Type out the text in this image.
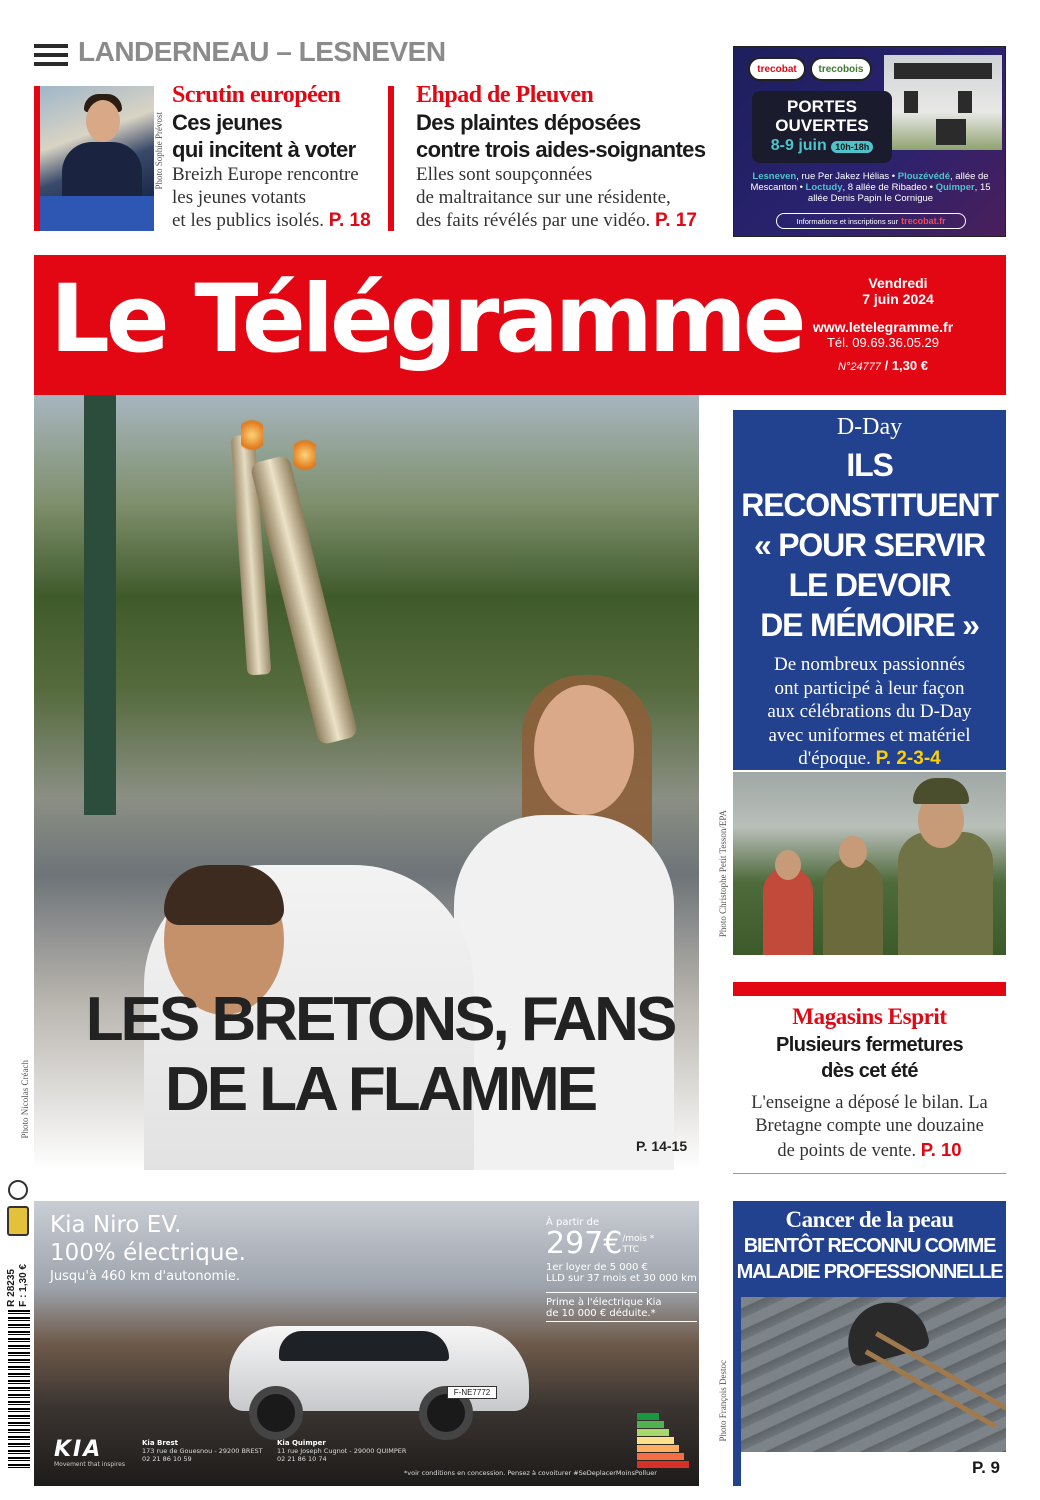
LANDERNEAU – LESNEVEN
Photo Sophie Prévost
Scrutin européen
Ces jeunes
qui incitent à voter
Breizh Europe rencontre
les jeunes votants
et les publics isolés. P. 18
Ehpad de Pleuven
Des plaintes déposées
contre trois aides-soignantes
Elles sont soupçonnées
de maltraitance sur une résidente,
des faits révélés par une vidéo. P. 17
trecobat	trecobois
PORTES
OUVERTES
8-9 juin 10h-18h
Lesneven, rue Per Jakez Hélias • Plouzévédé, allée de Mescanton • Loctudy, 8 allée de Ribadeo • Quimper, 15 allée Denis Papin le Cornigue
Informations et inscriptions sur trecobat.fr
Le Télégramme	Vendredi
7 juin 2024
www.letelegramme.fr
Tél. 09.69.36.05.29
N°24777 / 1,30 €
Photo Nicolas Créach
LES BRETONS, FANS
DE LA FLAMME
P. 14-15
D-Day
ILS
RECONSTITUENT
« POUR SERVIR
LE DEVOIR
DE MÉMOIRE »
De nombreux passionnés
ont participé à leur façon
aux célébrations du D-Day
avec uniformes et matériel
d'époque. P. 2-3-4
Photo Christophe Petit Tesson/EPA
Magasins Esprit
Plusieurs fermetures
dès cet été
L'enseigne a déposé le bilan. La
Bretagne compte une douzaine
de points de vente. P. 10
Cancer de la peau
BIENTÔT RECONNU COMME
MALADIE PROFESSIONNELLE
P. 9
Photo François Destoc
Kia Niro EV.
100% électrique.
Jusqu'à 460 km d'autonomie.
À partir de
297€/mois *
TTC
1er loyer de 5 000 €
LLD sur 37 mois et 30 000 km
Prime à l'électrique Kia
de 10 000 € déduite.*
F-NE7772
KIA
Movement that inspires
Kia Brest
173 rue de Gouesnou - 29200 BREST
02 21 86 10 59
Kia Quimper
11 rue Joseph Cugnot - 29000 QUIMPER
02 21 86 10 74
*voir conditions en concession. Pensez à covoiturer #SeDeplacerMoinsPolluer
R 28235
F : 1,30 €
